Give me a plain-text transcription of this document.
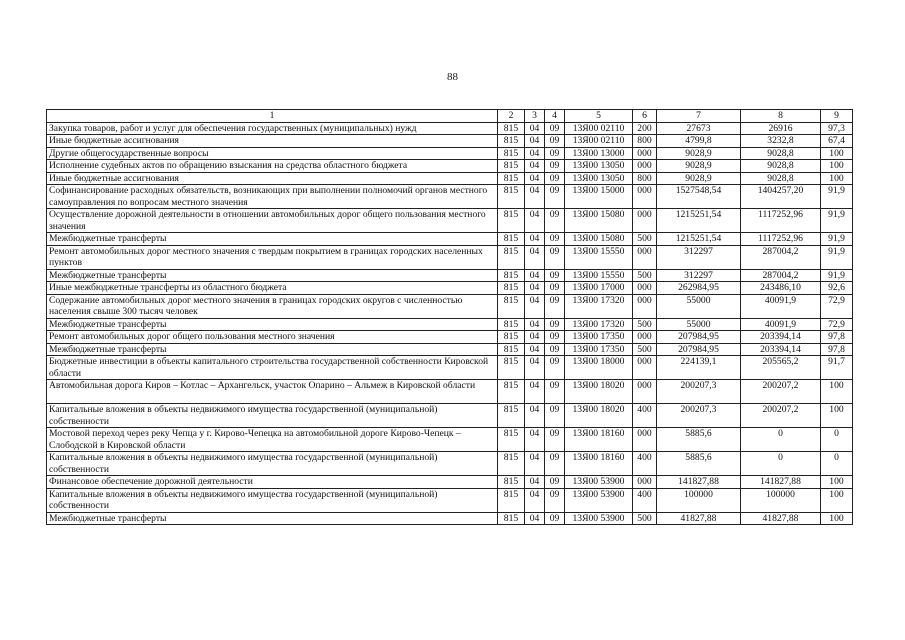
88
1	2	3	4	5	6	7	8	9
Закупка товаров, работ и услуг для обеспечения государственных (муниципальных) нужд	815	04	09	13Я00 02110	200	27673	26916	97,3
Иные бюджетные ассигнования	815	04	09	13Я00 02110	800	4799,8	3232,8	67,4
Другие общегосударственные вопросы	815	04	09	13Я00 13000	000	9028,9	9028,8	100
Исполнение судебных актов по обращению взыскания на средства областного бюджета	815	04	09	13Я00 13050	000	9028,9	9028,8	100
Иные бюджетные ассигнования	815	04	09	13Я00 13050	800	9028,9	9028,8	100
Софинансирование расходных обязательств, возникающих при выполнении полномочий органов местного самоуправления по вопросам местного значения	815	04	09	13Я00 15000	000	1527548,54	1404257,20	91,9
Осуществление дорожной деятельности в отношении автомобильных дорог общего пользования местного значения	815	04	09	13Я00 15080	000	1215251,54	1117252,96	91,9
Межбюджетные трансферты	815	04	09	13Я00 15080	500	1215251,54	1117252,96	91,9
Ремонт автомобильных дорог местного значения с твердым покрытием в границах городских населенных пунктов	815	04	09	13Я00 15550	000	312297	287004,2	91,9
Межбюджетные трансферты	815	04	09	13Я00 15550	500	312297	287004,2	91,9
Иные межбюджетные трансферты из областного бюджета	815	04	09	13Я00 17000	000	262984,95	243486,10	92,6
Содержание автомобильных дорог местного значения в границах городских округов с численностью населения свыше 300 тысяч человек	815	04	09	13Я00 17320	000	55000	40091,9	72,9
Межбюджетные трансферты	815	04	09	13Я00 17320	500	55000	40091,9	72,9
Ремонт автомобильных дорог общего пользования местного значения	815	04	09	13Я00 17350	000	207984,95	203394,14	97,8
Межбюджетные трансферты	815	04	09	13Я00 17350	500	207984,95	203394,14	97,8
Бюджетные инвестиции в объекты капитального строительства государственной собственности Кировской области	815	04	09	13Я00 18000	000	224139,1	205565,2	91,7
Автомобильная дорога Киров – Котлас – Архангельск, участок Опарино – Альмеж в Кировской области	815	04	09	13Я00 18020	000	200207,3	200207,2	100
Капитальные вложения в объекты недвижимого имущества государственной (муниципальной) собственности	815	04	09	13Я00 18020	400	200207,3	200207,2	100
Мостовой переход через реку Чепца у г. Кирово-Чепецка на автомобильной дороге Кирово-Чепецк – Слободской в Кировской области	815	04	09	13Я00 18160	000	5885,6	0	0
Капитальные вложения в объекты недвижимого имущества государственной (муниципальной) собственности	815	04	09	13Я00 18160	400	5885,6	0	0
Финансовое обеспечение дорожной деятельности	815	04	09	13Я00 53900	000	141827,88	141827,88	100
Капитальные вложения в объекты недвижимого имущества государственной (муниципальной) собственности	815	04	09	13Я00 53900	400	100000	100000	100
Межбюджетные трансферты	815	04	09	13Я00 53900	500	41827,88	41827,88	100
